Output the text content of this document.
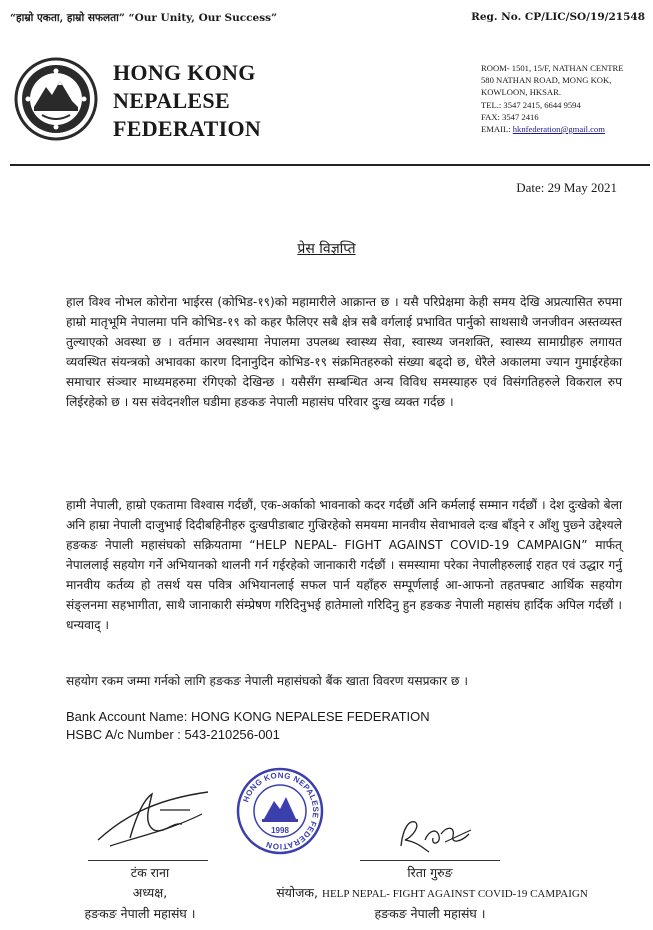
“हाम्रो एकता, हाम्रो सफलता” “Our Unity, Our Success”	Reg. No. CP/LIC/SO/19/21548
HONG KONG
NEPALESE
FEDERATION
ROOM- 1501, 15/F, NATHAN CENTRE
580 NATHAN ROAD, MONG KOK,
KOWLOON, HKSAR.
TEL.: 3547 2415, 6644 9594
FAX: 3547 2416
EMAIL: hknfederation@gmail.com
Date: 29 May 2021
प्रेस विज्ञप्ति
हाल विश्व नोभल कोरोना भाईरस (कोभिड-१९)को महामारीले आक्रान्त छ । यसै परिप्रेक्षमा केही समय देखि अप्रत्यासित रुपमा हाम्रो मातृभूमि नेपालमा पनि कोभिड-१९ को कहर फैलिएर सबै क्षेत्र सबै वर्गलाई प्रभावित पार्नुको साथसाथै जनजीवन अस्तव्यस्त तुल्याएको अवस्था छ । वर्तमान अवस्थामा नेपालमा उपलब्ध स्वास्थ्य सेवा, स्वास्थ्य जनशक्ति, स्वास्थ्य सामाग्रीहरु लगायत व्यवस्थित संयन्त्रको अभावका कारण दिनानुदिन कोभिड-१९ संक्रमितहरुको संख्या बढ्दो छ, धेरैले अकालमा ज्यान गुमाईरहेका समाचार संञ्चार माध्यमहरुमा रंगिएको देखिन्छ । यसैसँग सम्बन्धित अन्य विविध समस्याहरु एवं विसंगतिहरुले विकराल रुप लिईरहेको छ । यस संवेदनशील घडीमा हङकङ नेपाली महासंघ परिवार दुःख व्यक्त गर्दछ ।
हामी नेपाली, हाम्रो एकतामा विश्वास गर्दछौं, एक-अर्काको भावनाको कदर गर्दछौं अनि कर्मलाई सम्मान गर्दछौं । देश दुःखेको बेला अनि हाम्रा नेपाली दाजुभाई दिदीबहिनीहरु दुःखपीडाबाट गुज्रिरहेको समयमा मानवीय सेवाभावले दःख बाँड्ने र आँशु पुछ्ने उद्देश्यले हङकङ नेपाली महासंघको सक्रियतामा “HELP NEPAL- FIGHT AGAINST COVID-19 CAMPAIGN” मार्फत् नेपाललाई सहयोग गर्ने अभियानको थालनी गर्न गईरहेको जानाकारी गर्दछौं । समस्यामा परेका नेपालीहरुलाई राहत एवं उद्धार गर्नु मानवीय कर्तव्य हो तसर्थ यस पवित्र अभियानलाई सफल पार्न यहाँहरु सम्पूर्णलाई आ-आफनो तहतफ्बाट आर्थिक सहयोग संङ्लनमा सहभागीता, साथै जानाकारी संम्प्रेषण गरिदिनुभई हातेमालो गरिदिनु हुन हङकङ नेपाली महासंघ हार्दिक अपिल गर्दछौं । धन्यवाद् ।
सहयोग रकम जम्मा गर्नको लागि हङकङ नेपाली महासंघको बैंक खाता विवरण यसप्रकार छ ।
Bank Account Name: HONG KONG NEPALESE FEDERATION
HSBC A/c Number : 543-210256-001
HONG KONG NEPALESE FEDERATION
1998
टंक राना
अध्यक्ष,
हङकङ नेपाली महासंघ ।
रिता गुरुङ
संयोजक, HELP NEPAL- FIGHT AGAINST COVID-19 CAMPAIGN
हङकङ नेपाली महासंघ ।
